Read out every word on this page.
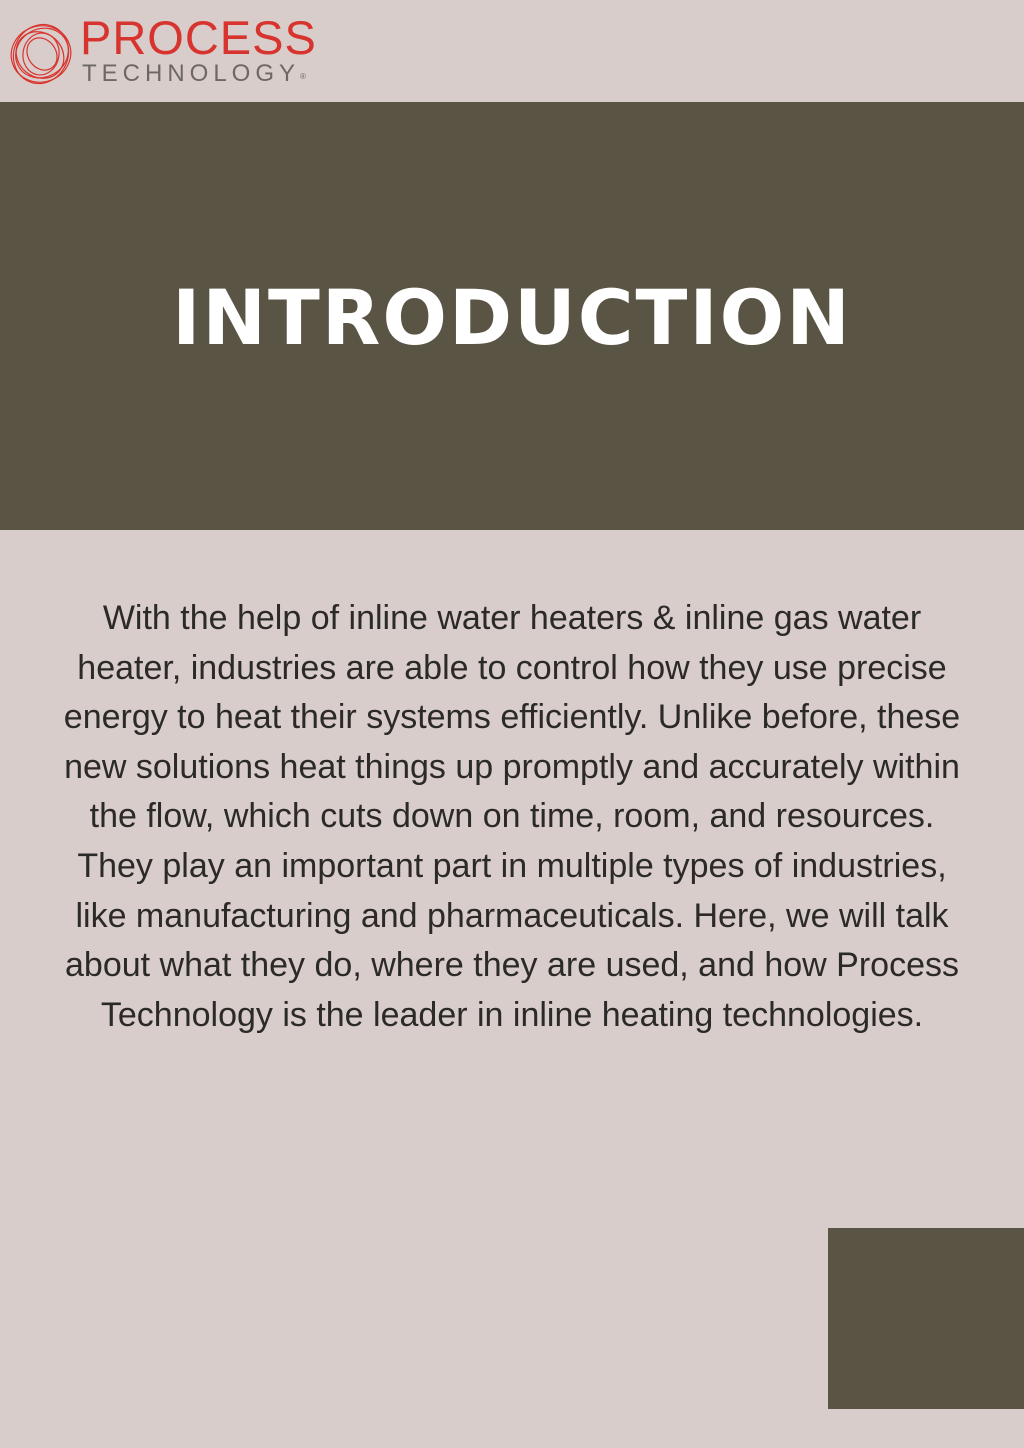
PROCESS
TECHNOLOGY®
INTRODUCTION

With the help of inline water heaters & inline gas water heater, industries are able to control how they use precise energy to heat their systems efficiently. Unlike before, these new solutions heat things up promptly and accurately within the flow, which cuts down on time, room, and resources. They play an important part in multiple types of industries, like manufacturing and pharmaceuticals. Here, we will talk about what they do, where they are used, and how Process Technology is the leader in inline heating technologies.
